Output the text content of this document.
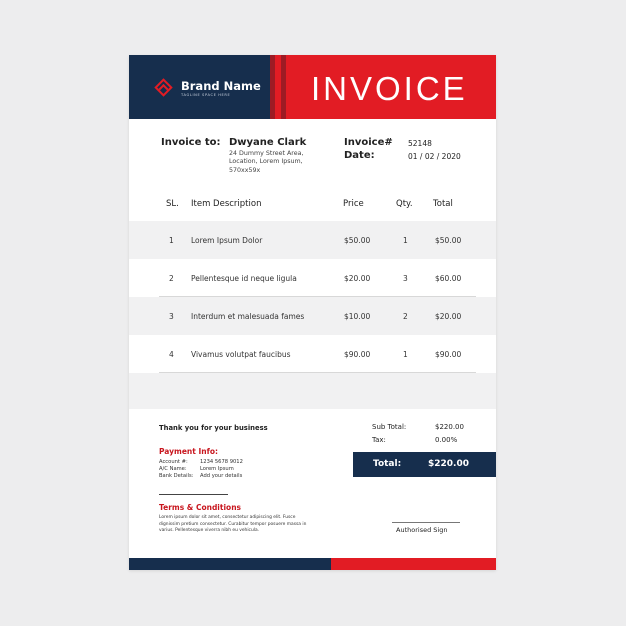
Brand Name
TAGLINE SPACE HERE INVOICE
Invoice to: Dwyane Clark
24 Dummy Street Area,
Location, Lorem Ipsum,
570xx59x
Invoice# 52148
Date:	01 / 02 / 2020
SL. Item Description	Price	Qty. Total
1 Lorem Ipsum Dolor	$50.00	1	$50.00
2 Pellentesque id neque ligula	$20.00	3	$60.00
3 Interdum et malesuada fames	$10.00	2	$20.00
4 Vivamus volutpat faucibus	$90.00	1	$90.00
Thank you for your business	Sub Total:	$220.00
Tax:	0.00%
Total:	$220.00
Payment Info:
Account #: 1234 5678 9012
A/C Name:	Lorem Ipsum
Bank Details: Add your details
Terms & Conditions
Lorem ipsum dolor sit amet, consectetur adipiscing elit. Fusce dignissim pretium consectetur. Curabitur tempor posuere massa in varius. Pellentesque viverra nibh eu vehicula.	Authorised Sign
